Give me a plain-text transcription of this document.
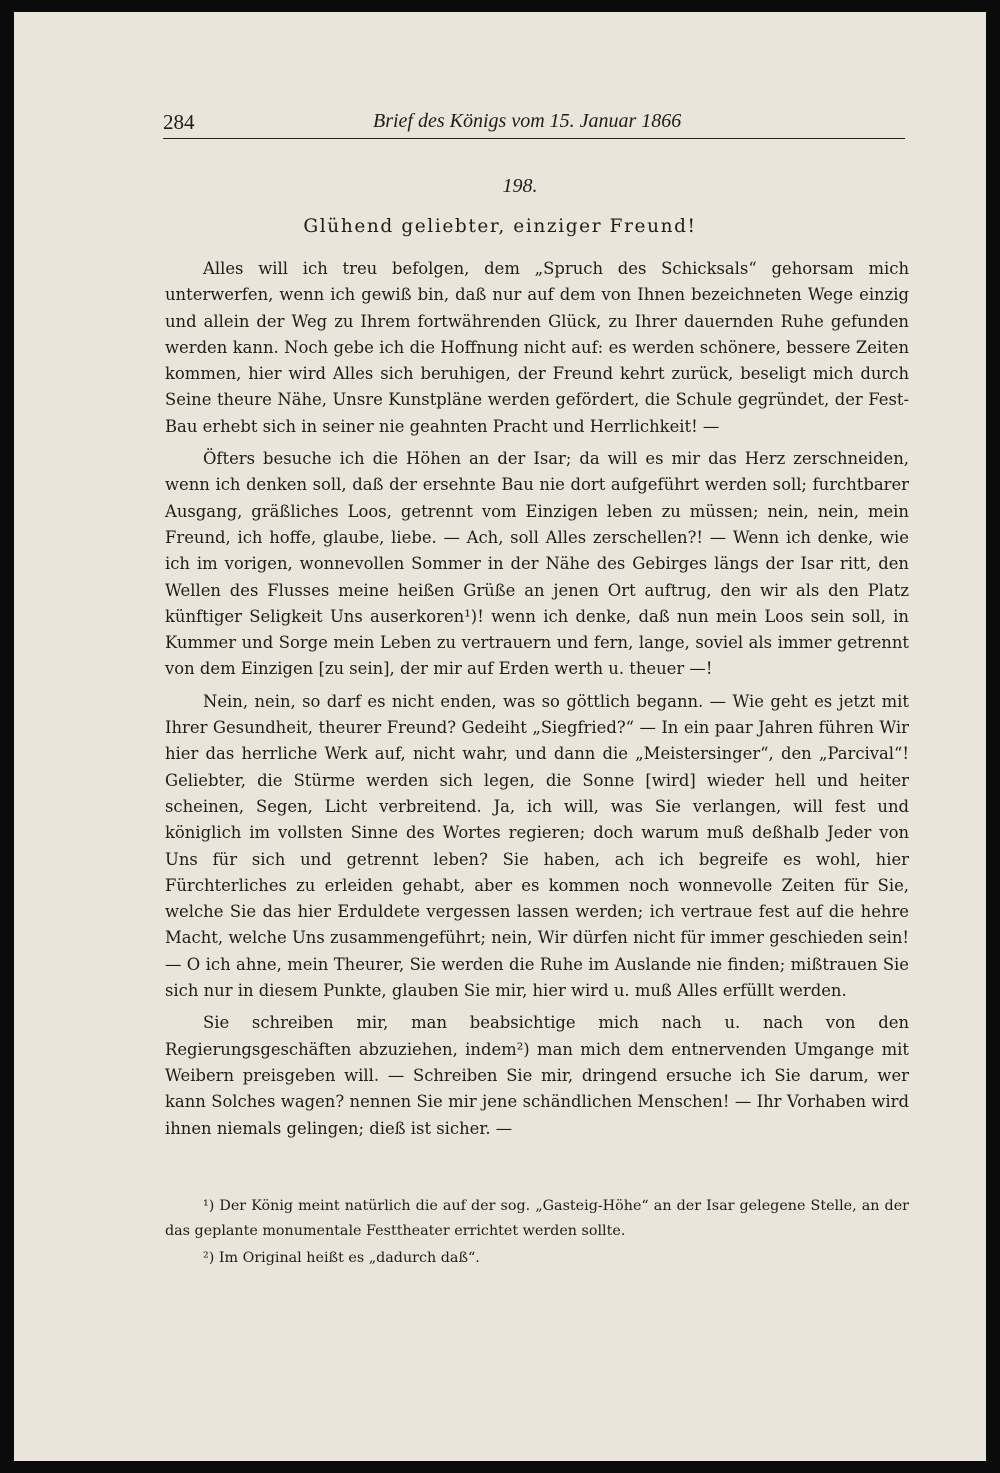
284	Brief des Königs vom 15. Januar 1866
198.
Glühend geliebter, einziger Freund!

Alles will ich treu befolgen, dem „Spruch des Schicksals“ gehorsam mich unterwerfen, wenn ich gewiß bin, daß nur auf dem von Ihnen bezeichneten Wege einzig und allein der Weg zu Ihrem fortwährenden Glück, zu Ihrer dauernden Ruhe gefunden werden kann. Noch gebe ich die Hoffnung nicht auf: es werden schönere, bessere Zeiten kommen, hier wird Alles sich beruhigen, der Freund kehrt zurück, beseligt mich durch Seine theure Nähe, Unsre Kunstpläne werden gefördert, die Schule gegründet, der Fest-Bau erhebt sich in seiner nie geahnten Pracht und Herrlichkeit! —

Öfters besuche ich die Höhen an der Isar; da will es mir das Herz zerschneiden, wenn ich denken soll, daß der ersehnte Bau nie dort aufgeführt werden soll; furchtbarer Ausgang, gräßliches Loos, getrennt vom Einzigen leben zu müssen; nein, nein, mein Freund, ich hoffe, glaube, liebe. — Ach, soll Alles zerschellen?! — Wenn ich denke, wie ich im vorigen, wonnevollen Sommer in der Nähe des Gebirges längs der Isar ritt, den Wellen des Flusses meine heißen Grüße an jenen Ort auftrug, den wir als den Platz künftiger Seligkeit Uns auserkoren¹)! wenn ich denke, daß nun mein Loos sein soll, in Kummer und Sorge mein Leben zu vertrauern und fern, lange, soviel als immer getrennt von dem Einzigen [zu sein], der mir auf Erden werth u. theuer —!

Nein, nein, so darf es nicht enden, was so göttlich begann. — Wie geht es jetzt mit Ihrer Gesundheit, theurer Freund? Gedeiht „Siegfried?“ — In ein paar Jahren führen Wir hier das herrliche Werk auf, nicht wahr, und dann die „Meistersinger“, den „Parcival“! Geliebter, die Stürme werden sich legen, die Sonne [wird] wieder hell und heiter scheinen, Segen, Licht verbreitend. Ja, ich will, was Sie verlangen, will fest und königlich im vollsten Sinne des Wortes regieren; doch warum muß deßhalb Jeder von Uns für sich und getrennt leben? Sie haben, ach ich begreife es wohl, hier Fürchterliches zu erleiden gehabt, aber es kommen noch wonnevolle Zeiten für Sie, welche Sie das hier Erduldete vergessen lassen werden; ich vertraue fest auf die hehre Macht, welche Uns zusammengeführt; nein, Wir dürfen nicht für immer geschieden sein! — O ich ahne, mein Theurer, Sie werden die Ruhe im Auslande nie finden; mißtrauen Sie sich nur in diesem Punkte, glauben Sie mir, hier wird u. muß Alles erfüllt werden.

Sie schreiben mir, man beabsichtige mich nach u. nach von den Regierungsgeschäften abzuziehen, indem²) man mich dem entnervenden Umgange mit Weibern preisgeben will. — Schreiben Sie mir, dringend ersuche ich Sie darum, wer kann Solches wagen? nennen Sie mir jene schändlichen Menschen! — Ihr Vorhaben wird ihnen niemals gelingen; dieß ist sicher. —

¹) Der König meint natürlich die auf der sog. „Gasteig-Höhe“ an der Isar gelegene Stelle, an der das geplante monumentale Festtheater errichtet werden sollte.

²) Im Original heißt es „dadurch daß“.
